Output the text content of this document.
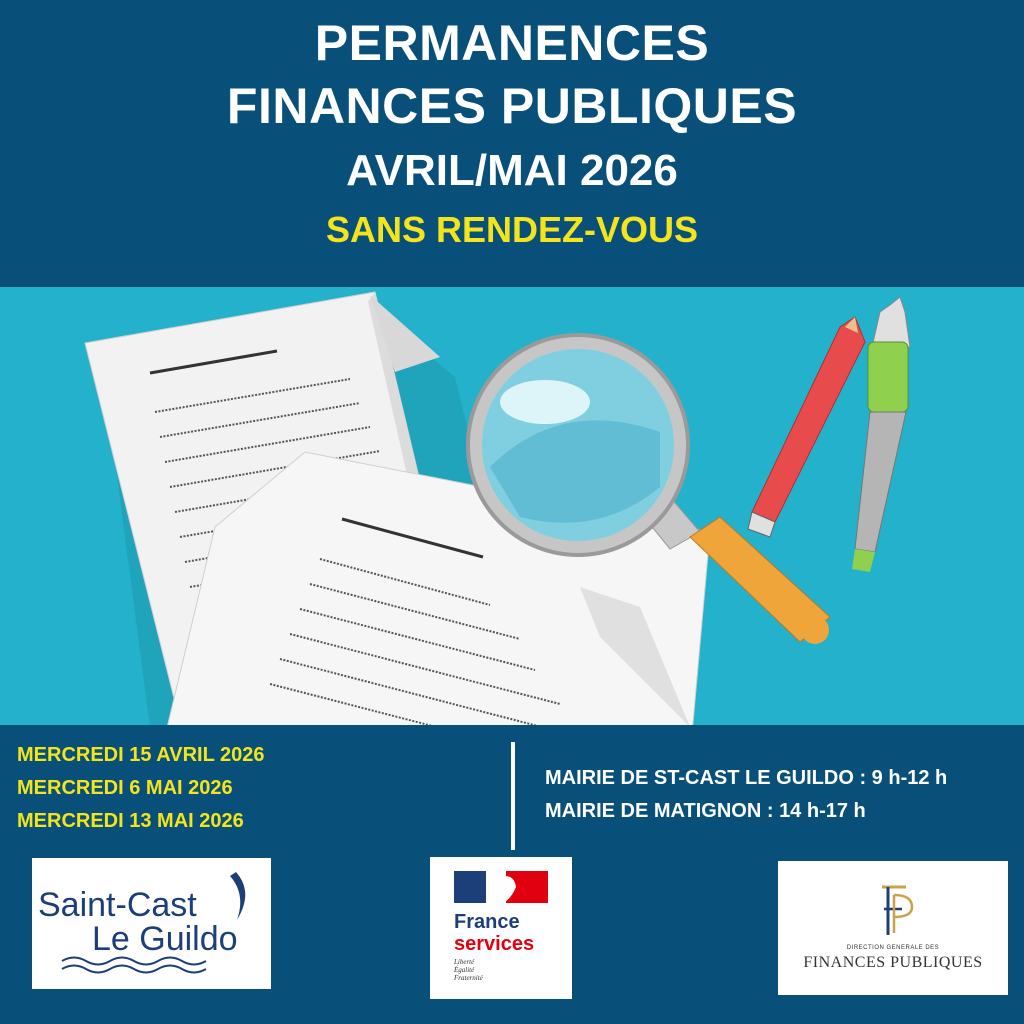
PERMANENCES
FINANCES PUBLIQUES
AVRIL/MAI 2026
SANS RENDEZ-VOUS
MERCREDI 15 AVRIL 2026
MERCREDI 6 MAI 2026
MERCREDI 13 MAI 2026
MAIRIE DE ST-CAST LE GUILDO : 9 h-12 h
MAIRIE DE MATIGNON : 14 h-17 h
Saint-Cast
Le Guildo	France
services
Liberté
Égalité
Fraternité
DIRECTION GENERALE DES
FINANCES PUBLIQUES
